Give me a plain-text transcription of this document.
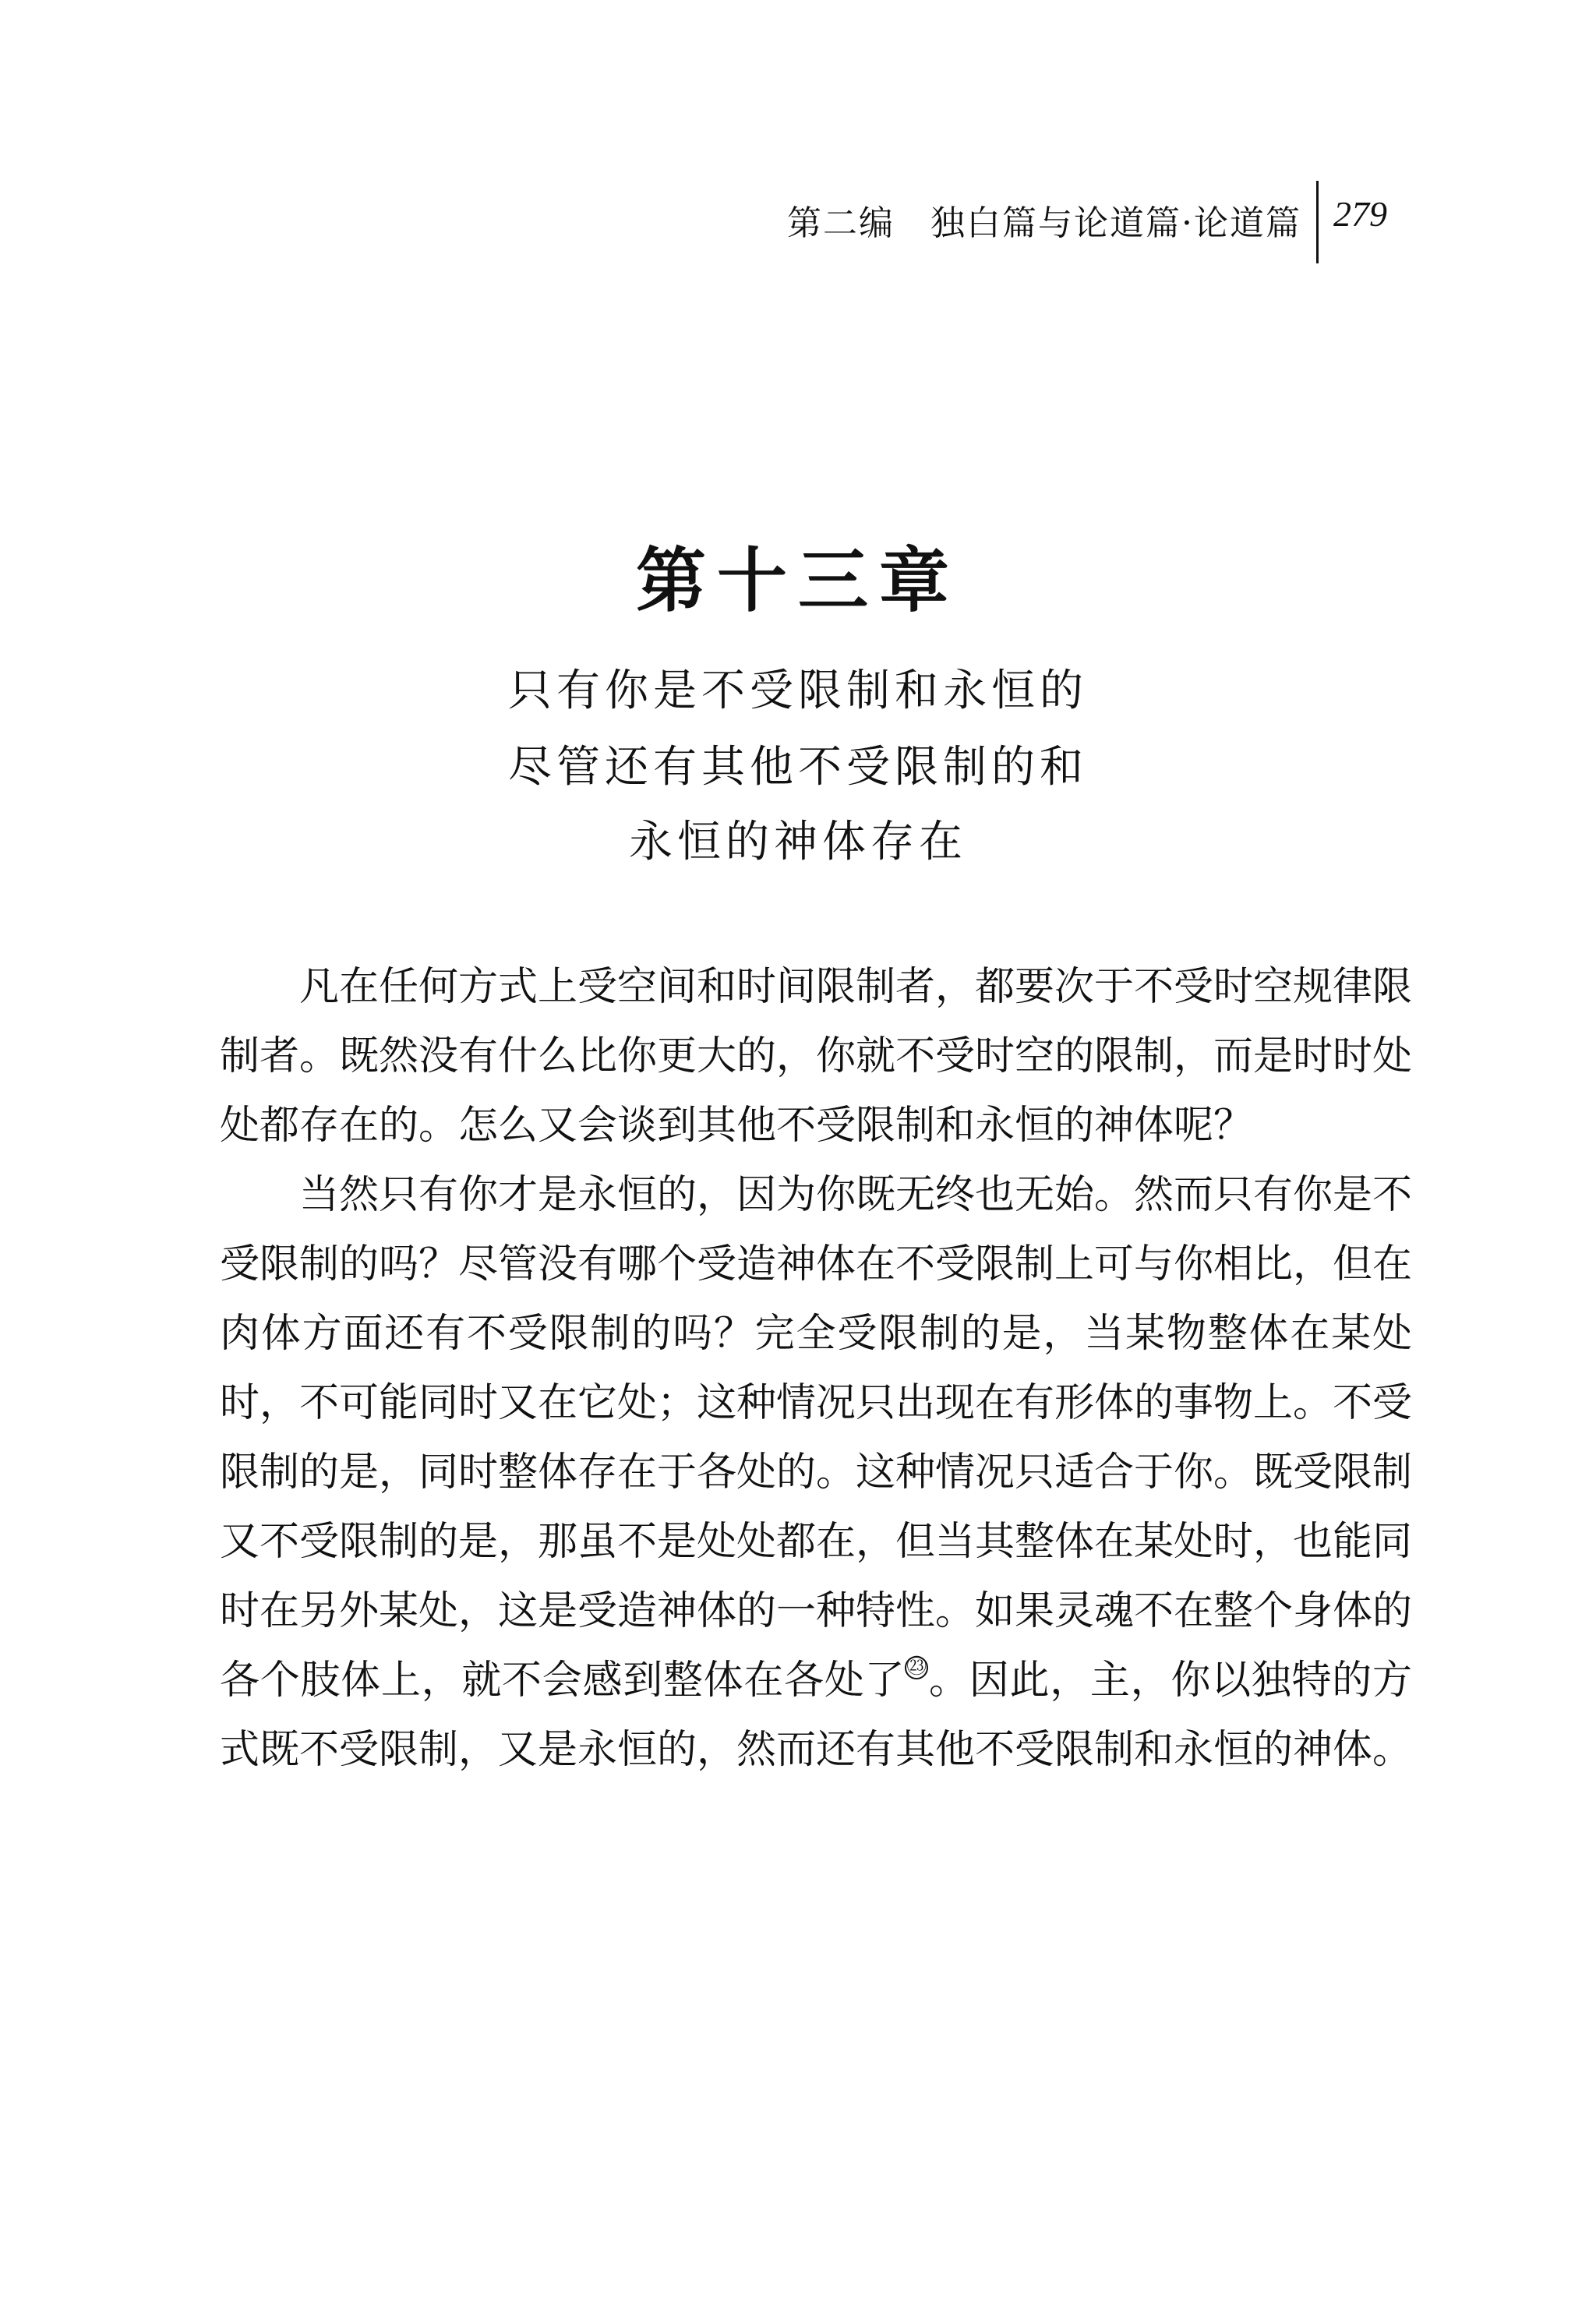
第二编　独白篇与论道篇·论道篇 279
第十三章
只有你是不受限制和永恒的
尽管还有其他不受限制的和
永恒的神体存在

凡在任何方式上受空间和时间限制者，都要次于不受时空规律限制者。既然没有什么比你更大的，你就不受时空的限制，而是时时处处都存在的。怎么又会谈到其他不受限制和永恒的神体呢？

当然只有你才是永恒的，因为你既无终也无始。然而只有你是不受限制的吗？尽管没有哪个受造神体在不受限制上可与你相比，但在肉体方面还有不受限制的吗？完全受限制的是，当某物整体在某处时，不可能同时又在它处；这种情况只出现在有形体的事物上。不受限制的是，同时整体存在于各处的。这种情况只适合于你。既受限制又不受限制的是，那虽不是处处都在，但当其整体在某处时，也能同时在另外某处，这是受造神体的一种特性。如果灵魂不在整个身体的各个肢体上，就不会感到整体在各处了㉓。因此，主，你以独特的方式既不受限制，又是永恒的，然而还有其他不受限制和永恒的神体。
